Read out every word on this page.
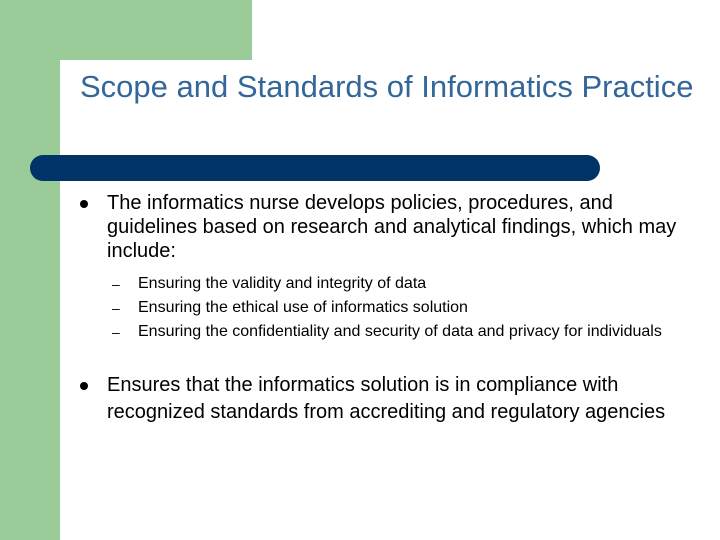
Scope and Standards of Informatics Practice
The informatics nurse develops policies, procedures, and guidelines based on research and analytical findings, which may include:
– Ensuring the validity and integrity of data
– Ensuring the ethical use of informatics solution
– Ensuring the confidentiality and security of data and privacy for individuals
Ensures that the informatics solution is in compliance with recognized standards from accrediting and regulatory agencies
